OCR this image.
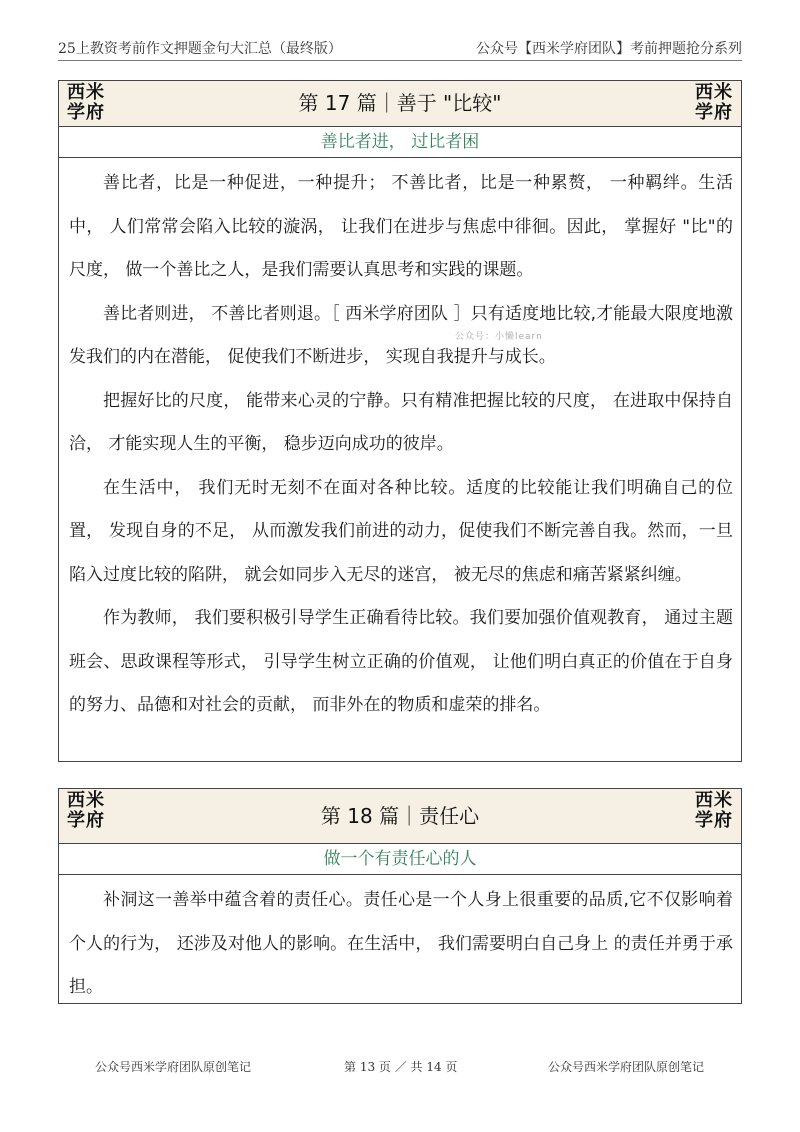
25上教资考前作文押题金句大汇总（最终版）	公众号【西米学府团队】考前押题抢分系列
西米
学府	第 17 篇｜善于 "比较"	西米
学府
善比者进， 过比者困

善比者，比是一种促进，一种提升； 不善比者，比是一种累赘， 一种羁绊。生活中， 人们常常会陷入比较的漩涡， 让我们在进步与焦虑中徘徊。因此， 掌握好 "比"的尺度， 做一个善比之人，是我们需要认真思考和实践的课题。

善比者则进， 不善比者则退。［ 西米学府团队 ］只有适度地比较,才能最大限度地激发我们的内在潜能， 促使我们不断进步， 实现自我提升与成长。

把握好比的尺度， 能带来心灵的宁静。只有精准把握比较的尺度， 在进取中保持自洽， 才能实现人生的平衡， 稳步迈向成功的彼岸。

在生活中， 我们无时无刻不在面对各种比较。适度的比较能让我们明确自己的位置， 发现自身的不足， 从而激发我们前进的动力，促使我们不断完善自我。然而，一旦陷入过度比较的陷阱， 就会如同步入无尽的迷宫， 被无尽的焦虑和痛苦紧紧纠缠。

作为教师， 我们要积极引导学生正确看待比较。我们要加强价值观教育， 通过主题班会、思政课程等形式， 引导学生树立正确的价值观， 让他们明白真正的价值在于自身的努力、品德和对社会的贡献， 而非外在的物质和虚荣的排名。

公众号：小懒learn
西米
学府	第 18 篇｜责任心
西米
学府
做一个有责任心的人

补洞这一善举中蕴含着的责任心。责任心是一个人身上很重要的品质,它不仅影响着个人的行为， 还涉及对他人的影响。在生活中， 我们需要明白自己身上 的责任并勇于承担。

公众号西米学府团队原创笔记	第 13 页 ／ 共 14 页	公众号西米学府团队原创笔记
